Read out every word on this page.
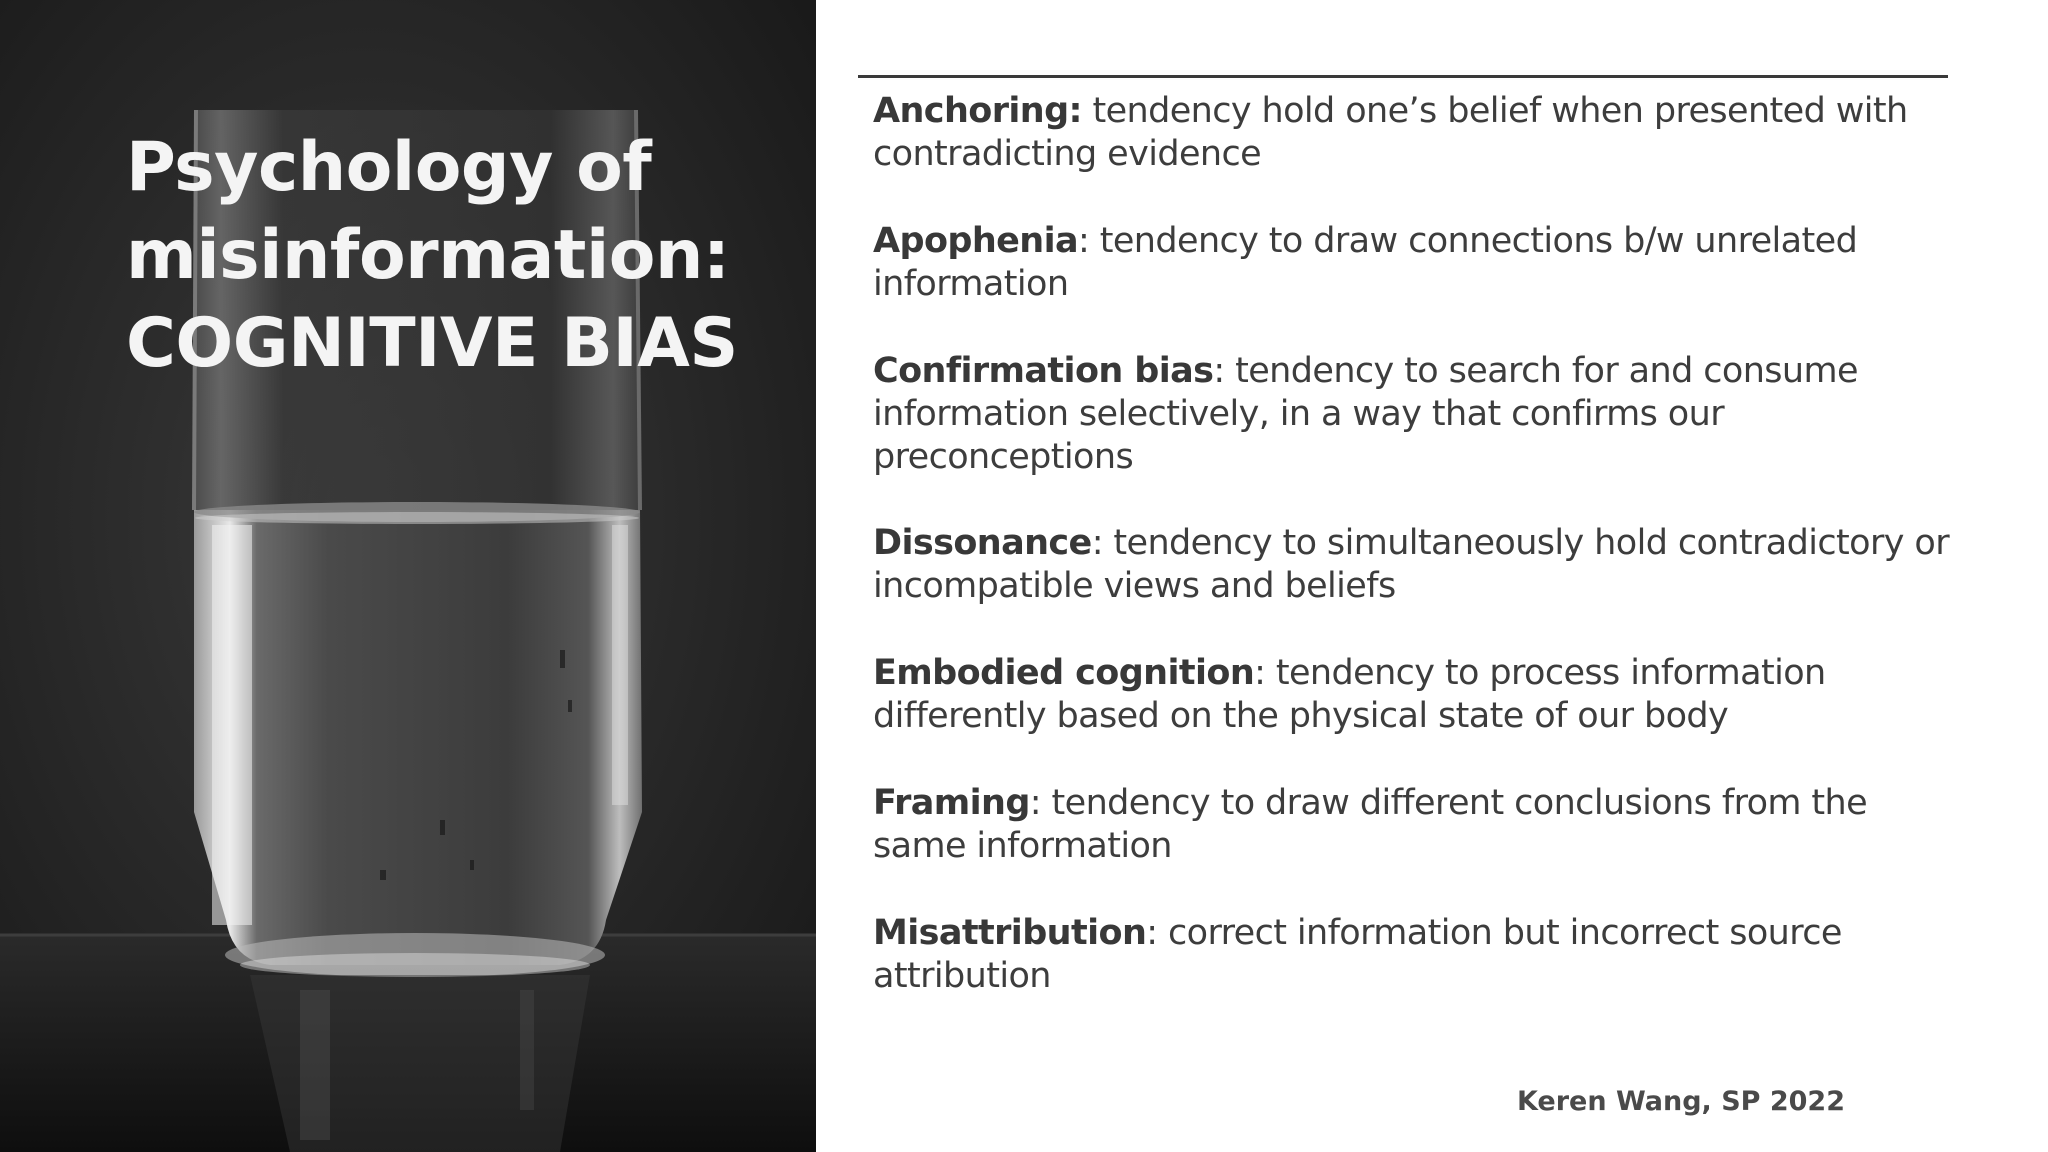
Psychology of
misinformation:
COGNITIVE BIAS
Anchoring: tendency hold one’s belief when presented with contradicting evidence
Apophenia: tendency to draw connections b/w unrelated information
Confirmation bias: tendency to search for and consume information selectively, in a way that confirms our preconceptions
Dissonance: tendency to simultaneously hold contradictory or incompatible views and beliefs
Embodied cognition: tendency to process information differently based on the physical state of our body
Framing: tendency to draw different conclusions from the same information
Misattribution: correct information but incorrect source attribution

Keren Wang, SP 2022
